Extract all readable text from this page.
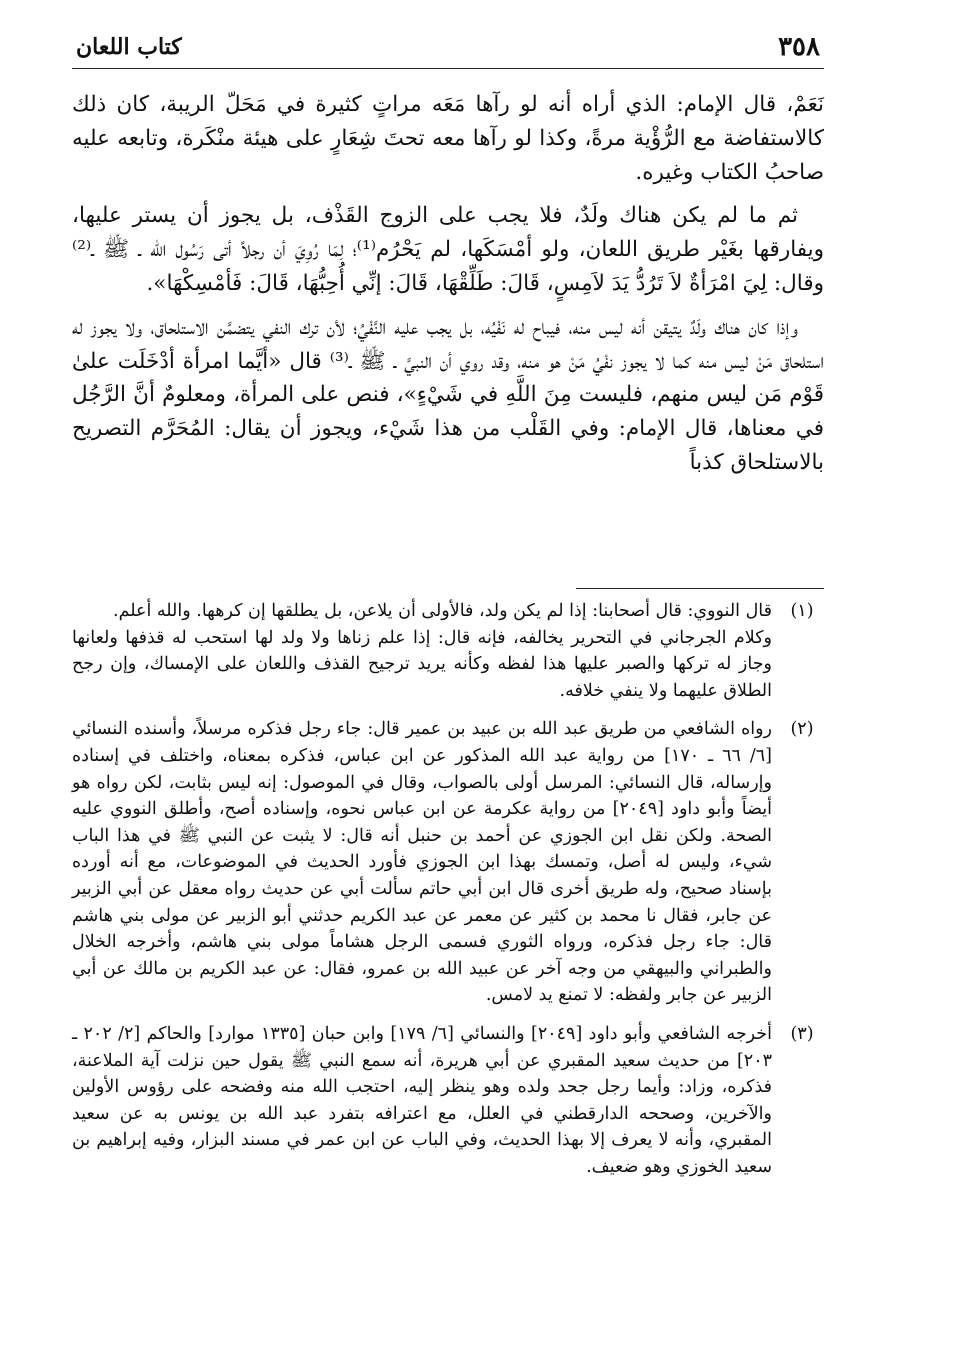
٣٥٨
كتاب اللعان

نَعَمْ، قال الإمام: الذي أراه أنه لو رآها مَعَه مراتٍ كثيرة في مَحَلّ الريبة، كان ذلك كالاستفاضة مع الرُّؤْية مرةً، وكذا لو رآها معه تحتَ شِعَارٍ على هيئة منْكَرة، وتابعه عليه صاحبُ الكتاب وغيره.

ثم ما لم يكن هناك ولَدٌ، فلا يجب على الزوج القَذْف، بل يجوز أن يستر عليها، ويفارقها بغَيْر طريق اللعان، ولو أمْسَكَها، لم يَحْرُم⁽¹⁾؛ لِمَا رُوِيَ أن رجلاً أتى رَسُول الله ـ ﷺ ـ⁽²⁾ وقال: لِيَ امْرَأةٌ لاَ تَرُدُّ يَدَ لاَمِسٍ، قَالَ: طَلِّقْهَا، قَالَ: إنِّي أُحِبُّهَا، قَالَ: فَأمْسِكْهَا».

وإذا كان هناك ولَدٌ يتيقن أنه ليس منه، فيباح له نَفْيُه، بل يجب عليه النَّفْيُ؛ لأن ترك النفي يتضمَّن الاستلحاق، ولا يجوز له استلحاق مَنْ ليس منه كما لا يجوز نفْيُ مَنْ هو منه، وقد روي أن النبيَّ ـ ﷺ ـ⁽³⁾ قال «أيَّما امرأة أدْخَلَت علىٰ قَوْم مَن ليس منهم، فليست مِنَ اللَّهِ في شَيْءٍ»، فنص على المرأة، ومعلومٌ أنَّ الرَّجُل في معناها، قال الإمام: وفي القَلْب من هذا شَيْء، ويجوز أن يقال: المُحَرَّم التصريح بالاستلحاق كذباً

(١)
قال النووي: قال أصحابنا: إذا لم يكن ولد، فالأولى أن يلاعن، بل يطلقها إن كرهها. والله أعلم.
وكلام الجرجاني في التحرير يخالفه، فإنه قال: إذا علم زناها ولا ولد لها استحب له قذفها ولعانها وجاز له تركها والصبر عليها هذا لفظه وكأنه يريد ترجيح القذف واللعان على الإمساك، وإن رجح الطلاق عليهما ولا ينفي خلافه.
(٢)
رواه الشافعي من طريق عبد الله بن عبيد بن عمير قال: جاء رجل فذكره مرسلاً، وأسنده النسائي [٦/ ٦٦ ـ ١٧٠] من رواية عبد الله المذكور عن ابن عباس، فذكره بمعناه، واختلف في إسناده وإرساله، قال النسائي: المرسل أولى بالصواب، وقال في الموصول: إنه ليس بثابت، لكن رواه هو أيضاً وأبو داود [٢٠٤٩] من رواية عكرمة عن ابن عباس نحوه، وإسناده أصح، وأطلق النووي عليه الصحة. ولكن نقل ابن الجوزي عن أحمد بن حنبل أنه قال: لا يثبت عن النبي ﷺ في هذا الباب شيء، وليس له أصل، وتمسك بهذا ابن الجوزي فأورد الحديث في الموضوعات، مع أنه أورده بإسناد صحيح، وله طريق أخرى قال ابن أبي حاتم سألت أبي عن حديث رواه معقل عن أبي الزبير عن جابر، فقال نا محمد بن كثير عن معمر عن عبد الكريم حدثني أبو الزبير عن مولى بني هاشم قال: جاء رجل فذكره، ورواه الثوري فسمى الرجل هشاماً مولى بني هاشم، وأخرجه الخلال والطبراني والبيهقي من وجه آخر عن عبيد الله بن عمرو، فقال: عن عبد الكريم بن مالك عن أبي الزبير عن جابر ولفظه: لا تمنع يد لامس.
(٣)
أخرجه الشافعي وأبو داود [٢٠٤٩] والنسائي [٦/ ١٧٩] وابن حبان [١٣٣٥ موارد] والحاكم [٢/ ٢٠٢ ـ ٢٠٣] من حديث سعيد المقبري عن أبي هريرة، أنه سمع النبي ﷺ يقول حين نزلت آية الملاعنة، فذكره، وزاد: وأيما رجل جحد ولده وهو ينظر إليه، احتجب الله منه وفضحه على رؤوس الأولين والآخرين، وصححه الدارقطني في العلل، مع اعترافه بتفرد عبد الله بن يونس به عن سعيد المقبري، وأنه لا يعرف إلا بهذا الحديث، وفي الباب عن ابن عمر في مسند البزار، وفيه إبراهيم بن سعيد الخوزي وهو ضعيف.
